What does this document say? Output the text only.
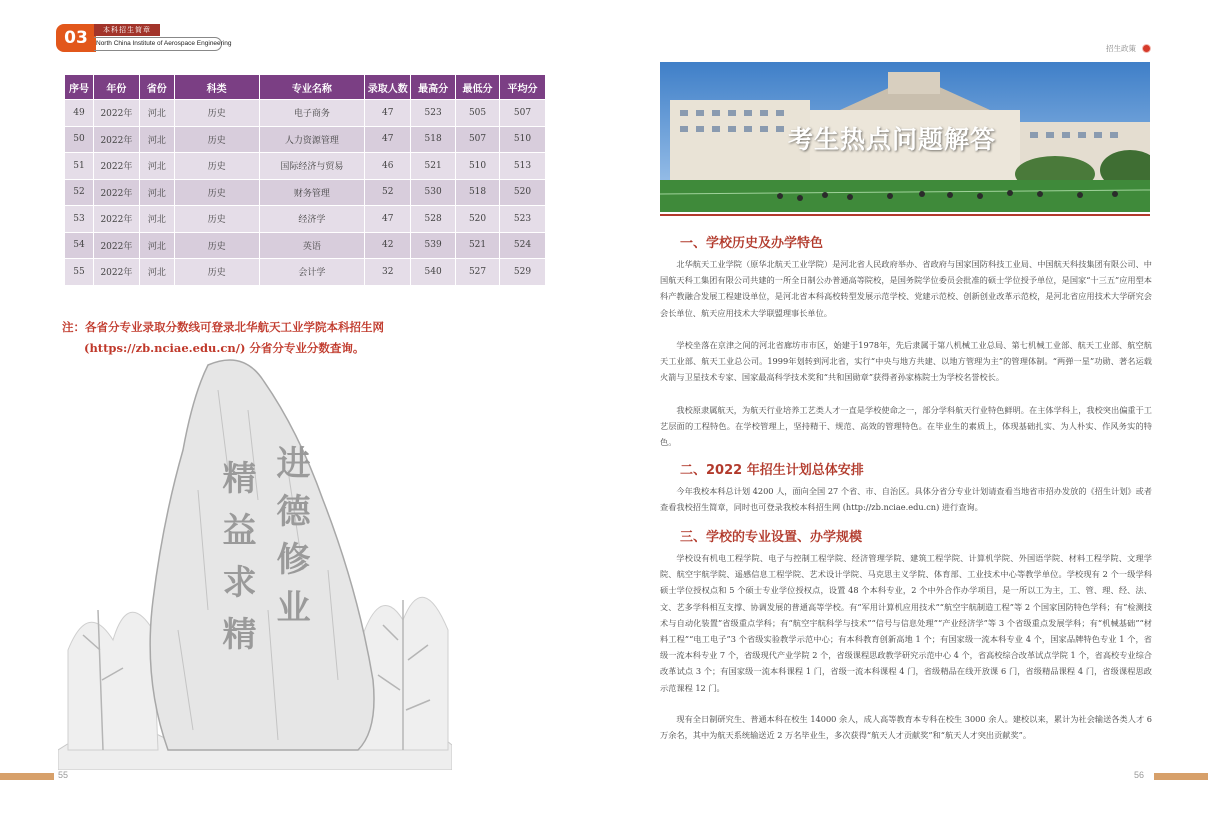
03	本科招生简章
North China Institute of Aerospace Engineering
序号	年份	省份	科类	专业名称	录取人数	最高分	最低分	平均分
49	2022年	河北	历史	电子商务	47	523	505	507
50	2022年	河北	历史	人力资源管理	47	518	507	510
51	2022年	河北	历史	国际经济与贸易	46	521	510	513
52	2022年	河北	历史	财务管理	52	530	518	520
53	2022年	河北	历史	经济学	47	528	520	523
54	2022年	河北	历史	英语	42	539	521	524
55	2022年	河北	历史	会计学	32	540	527	529
注：各省分专业录取分数线可登录北华航天工业学院本科招生网
(https://zb.nciae.edu.cn/) 分省分专业分数查询。
进德修业
精益求精
55	56
招生政策
考生热点问题解答
一、学校历史及办学特色
北华航天工业学院（原华北航天工业学院）是河北省人民政府举办、省政府与国家国防科技工业局、中国航天科技集团有限公司、中国航天科工集团有限公司共建的一所全日制公办普通高等院校，是国务院学位委员会批准的硕士学位授予单位，是国家“十三五”应用型本科产教融合发展工程建设单位，是河北省本科高校转型发展示范学校、党建示范校、创新创业改革示范校，是河北省应用技术大学研究会会长单位、航天应用技术大学联盟理事长单位。
学校坐落在京津之间的河北省廊坊市市区，始建于1978年，先后隶属于第八机械工业总局、第七机械工业部、航天工业部、航空航天工业部、航天工业总公司。1999年划转到河北省，实行“中央与地方共建、以地方管理为主”的管理体制。“两弹一星”功勋、著名运载火箭与卫星技术专家、国家最高科学技术奖和“共和国勋章”获得者孙家栋院士为学校名誉校长。
我校原隶属航天，为航天行业培养工艺类人才一直是学校使命之一，部分学科航天行业特色鲜明。在主体学科上，我校突出偏重于工艺层面的工程特色。在学校管理上，坚持精干、规范、高效的管理特色。在毕业生的素质上，体现基础扎实、为人朴实、作风务实的特色。
二、2022 年招生计划总体安排
今年我校本科总计划 4200 人，面向全国 27 个省、市、自治区。具体分省分专业计划请查看当地省市招办发放的《招生计划》或者查看我校招生简章，同时也可登录我校本科招生网 (http://zb.nciae.edu.cn) 进行查询。
三、学校的专业设置、办学规模
学校设有机电工程学院、电子与控制工程学院、经济管理学院、建筑工程学院、计算机学院、外国语学院、材料工程学院、文理学院、航空宇航学院、遥感信息工程学院、艺术设计学院、马克思主义学院、体育部、工业技术中心等教学单位。学校现有 2 个一级学科硕士学位授权点和 5 个硕士专业学位授权点，设置 48 个本科专业，2 个中外合作办学项目，是一所以工为主，工、管、理、经、法、文、艺多学科相互支撑、协调发展的普通高等学校。有“军用计算机应用技术”“航空宇航制造工程”等 2 个国家国防特色学科；有“检测技术与自动化装置”省级重点学科；有“航空宇航科学与技术”“信号与信息处理”“产业经济学”等 3 个省级重点发展学科；有“机械基础”“材料工程”“电工电子”3 个省级实验教学示范中心；有本科教育创新高地 1 个；有国家级一流本科专业 4 个，国家品牌特色专业 1 个，省级一流本科专业 7 个，省级现代产业学院 2 个，省级课程思政教学研究示范中心 4 个，省高校综合改革试点学院 1 个，省高校专业综合改革试点 3 个；有国家级一流本科课程 1 门，省级一流本科课程 4 门，省级精品在线开放课 6 门，省级精品课程 4 门，省级课程思政示范课程 12 门。
现有全日制研究生、普通本科在校生 14000 余人，成人高等教育本专科在校生 3000 余人。建校以来，累计为社会输送各类人才 6 万余名，其中为航天系统输送近 2 万名毕业生，多次获得“航天人才贡献奖”和“航天人才突出贡献奖”。
